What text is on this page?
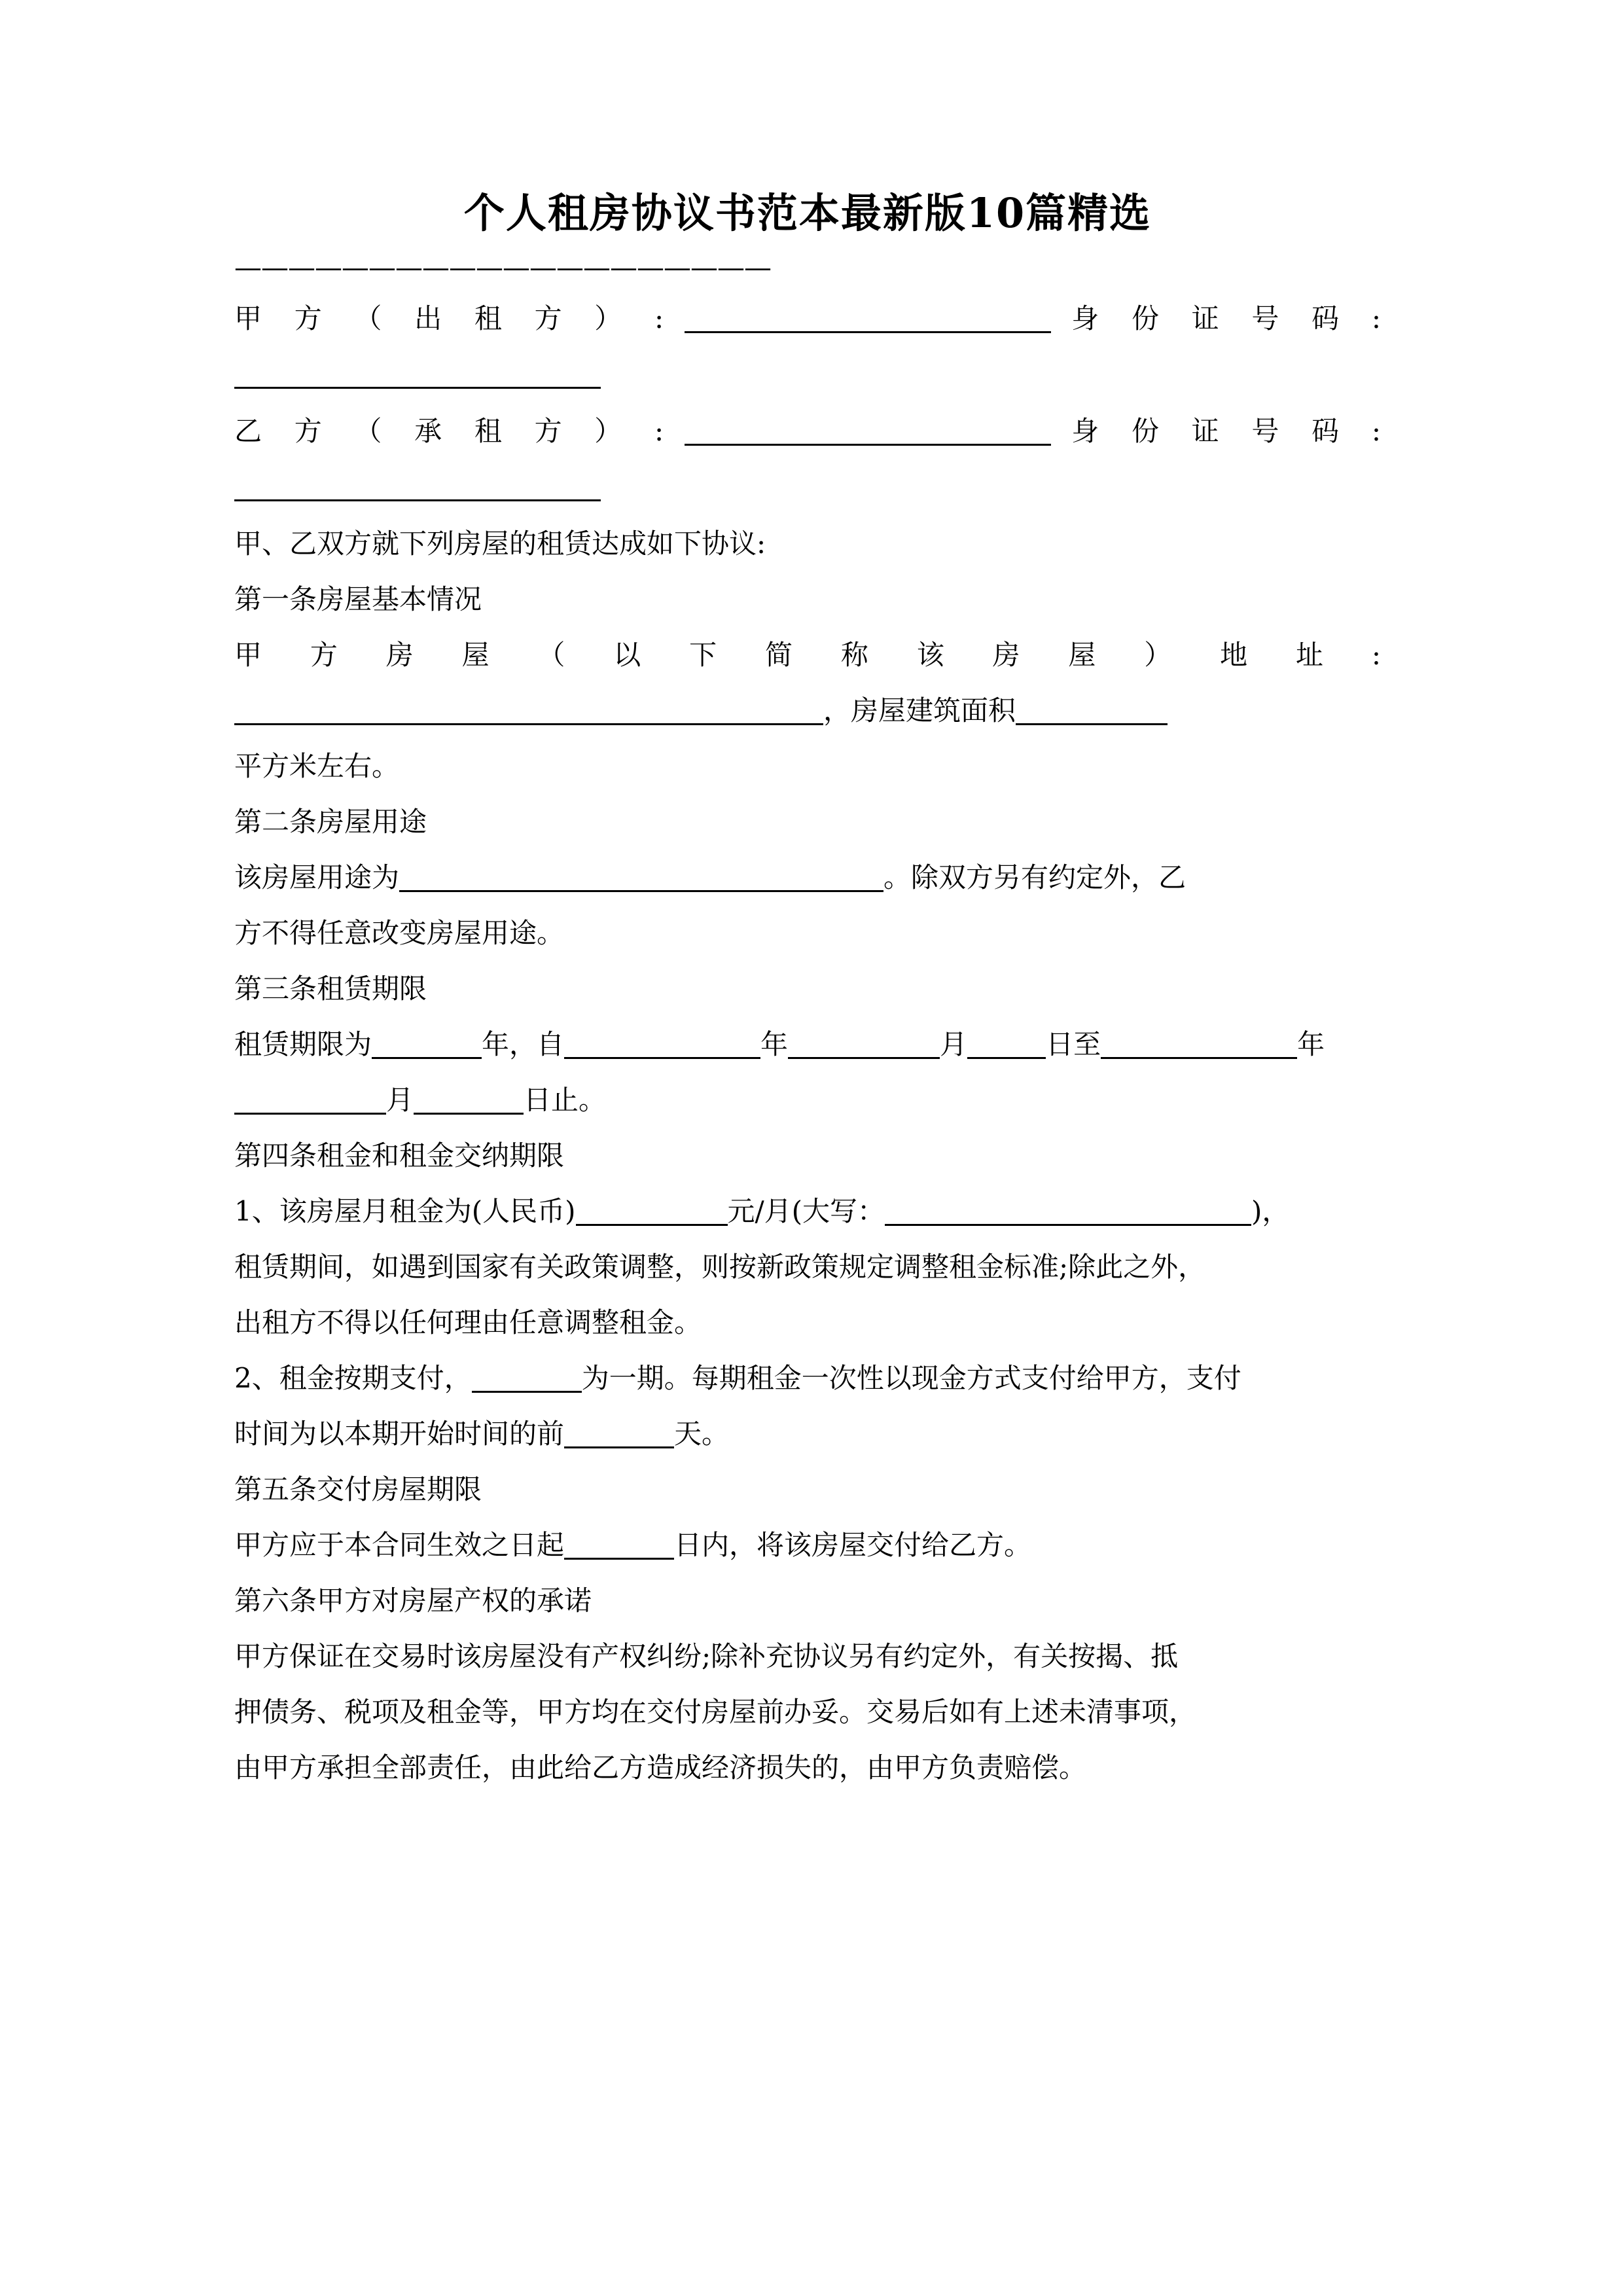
个人租房协议书范本最新版10篇精选

————————————————————

甲 方 （ 出 租 方 ） :	身 份 证 号 码 :

乙 方 （ 承 租 方 ） :	身 份 证 号 码 :

甲、乙双方就下列房屋的租赁达成如下协议:

第一条房屋基本情况

甲 方 房 屋 （ 以 下 简 称 该 房 屋 ） 地 址 :

，房屋建筑面积

平方米左右。

第二条房屋用途

该房屋用途为	。除双方另有约定外，乙

方不得任意改变房屋用途。

第三条租赁期限

租赁期限为	年，自	年	月	日至	年

月	日止。

第四条租金和租金交纳期限

1、该房屋月租金为(人民币)	元/月(大写：	)，

租赁期间，如遇到国家有关政策调整，则按新政策规定调整租金标准;除此之外，

出租方不得以任何理由任意调整租金。

2、租金按期支付，	为一期。每期租金一次性以现金方式支付给甲方，支付

时间为以本期开始时间的前	天。

第五条交付房屋期限

甲方应于本合同生效之日起	日内，将该房屋交付给乙方。

第六条甲方对房屋产权的承诺

甲方保证在交易时该房屋没有产权纠纷;除补充协议另有约定外，有关按揭、抵

押债务、税项及租金等，甲方均在交付房屋前办妥。交易后如有上述未清事项，

由甲方承担全部责任，由此给乙方造成经济损失的，由甲方负责赔偿。
